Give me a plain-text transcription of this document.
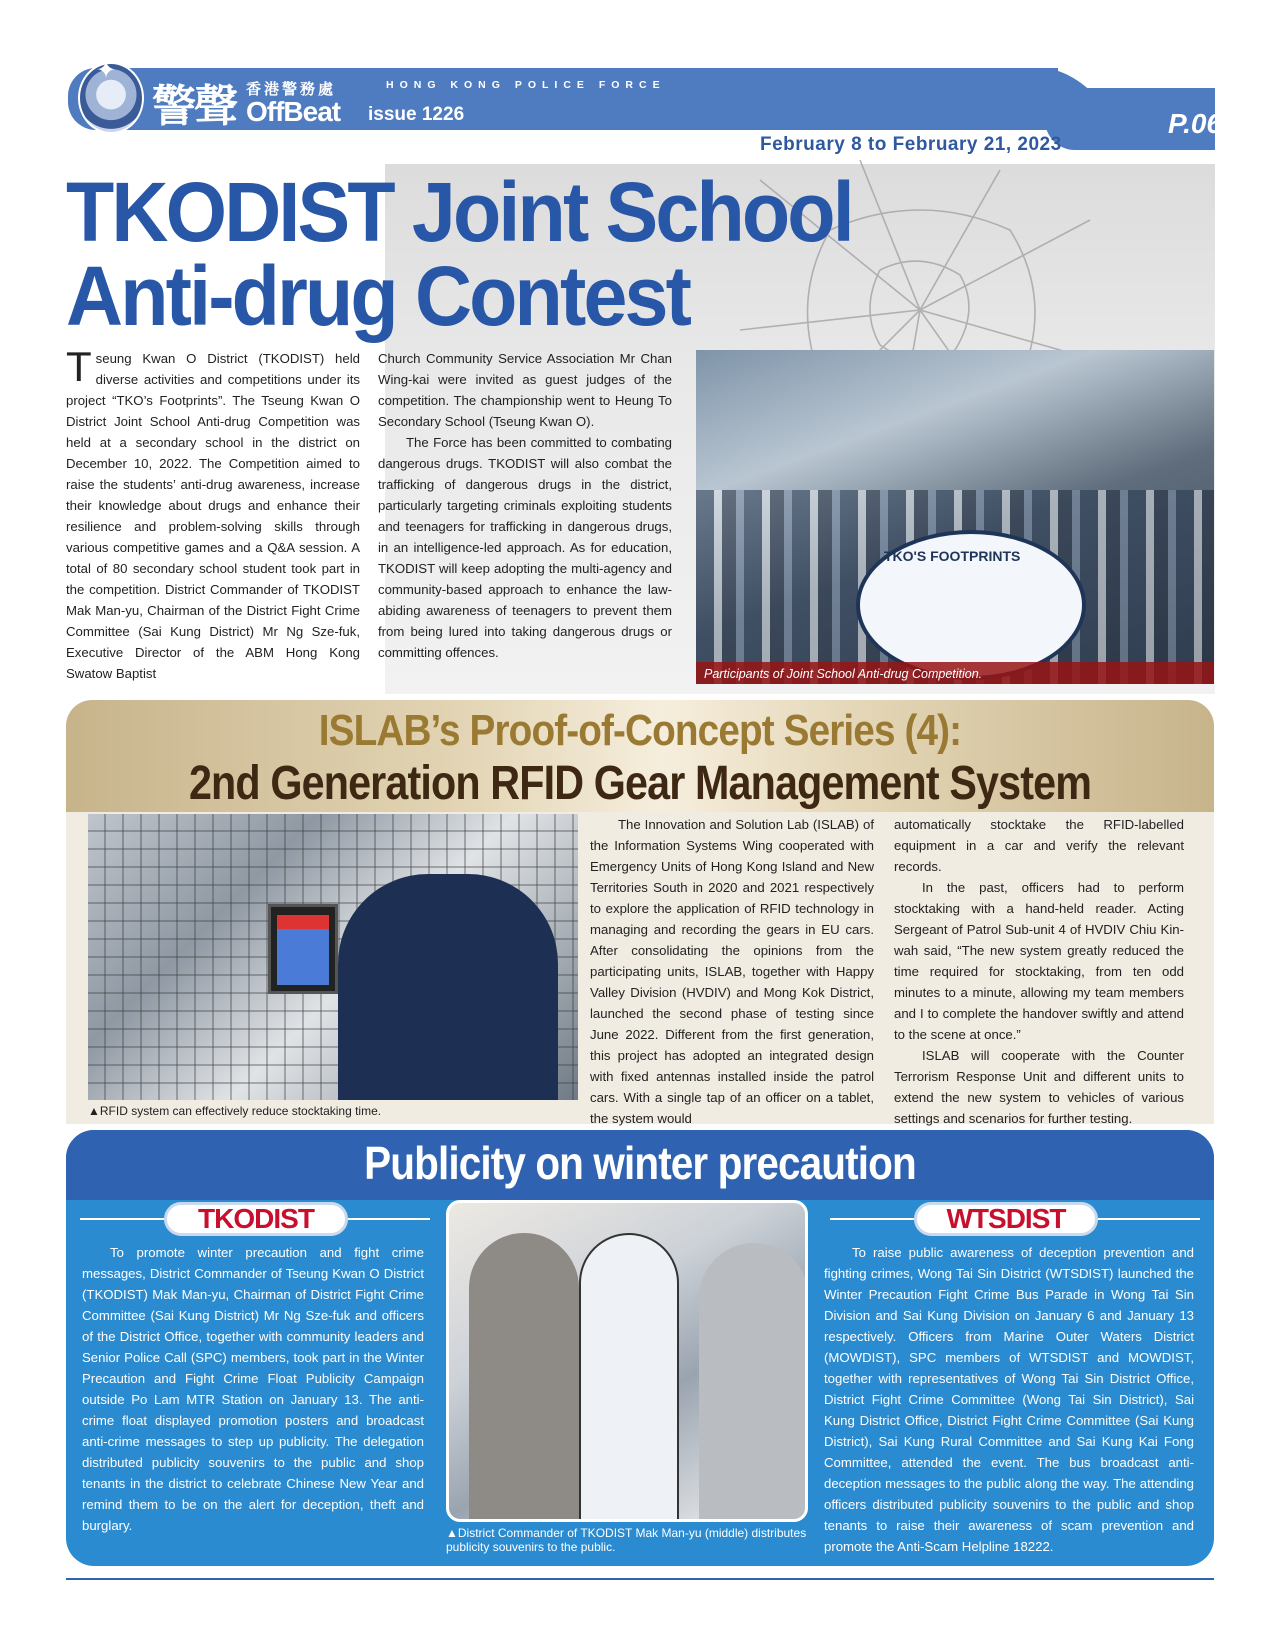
✦
警聲 香港警務處
OffBeat issue 1226
HONG KONG POLICE FORCE
P.06
February 8 to February 21, 2023
TKODIST Joint School
Anti-drug Contest
Tseung Kwan O District (TKODIST) held diverse activities and competitions under its project “TKO’s Footprints”. The Tseung Kwan O District Joint School Anti-drug Competition was held at a secondary school in the district on December 10, 2022. The Competition aimed to raise the students’ anti-drug awareness, increase their knowledge about drugs and enhance their resilience and problem-solving skills through various competitive games and a Q&A session. A total of 80 secondary school student took part in the competition. District Commander of TKODIST Mak Man-yu, Chairman of the District Fight Crime Committee (Sai Kung District) Mr Ng Sze-fuk, Executive Director of the ABM Hong Kong Swatow Baptist

Church Community Service Association Mr Chan Wing-kai were invited as guest judges of the competition. The championship went to Heung To Secondary School (Tseung Kwan O).

The Force has been committed to combating dangerous drugs. TKODIST will also combat the trafficking of dangerous drugs in the district, particularly targeting criminals exploiting students and teenagers for trafficking in dangerous drugs, in an intelligence-led approach. As for education, TKODIST will keep adopting the multi-agency and community-based approach to enhance the law-abiding awareness of teenagers to prevent them from being lured into taking dangerous drugs or committing offences.

TKO'S FOOTPRINTS
Participants of Joint School Anti-drug Competition.
ISLAB’s Proof-of-Concept Series (4):
2nd Generation RFID Gear Management System
▲RFID system can effectively reduce stocktaking time.

The Innovation and Solution Lab (ISLAB) of the Information Systems Wing cooperated with Emergency Units of Hong Kong Island and New Territories South in 2020 and 2021 respectively to explore the application of RFID technology in managing and recording the gears in EU cars. After consolidating the opinions from the participating units, ISLAB, together with Happy Valley Division (HVDIV) and Mong Kok District, launched the second phase of testing since June 2022. Different from the first generation, this project has adopted an integrated design with fixed antennas installed inside the patrol cars. With a single tap of an officer on a tablet, the system would

automatically stocktake the RFID-labelled equipment in a car and verify the relevant records.

In the past, officers had to perform stocktaking with a hand-held reader. Acting Sergeant of Patrol Sub-unit 4 of HVDIV Chiu Kin-wah said, “The new system greatly reduced the time required for stocktaking, from ten odd minutes to a minute, allowing my team members and I to complete the handover swiftly and attend to the scene at once.”

ISLAB will cooperate with the Counter Terrorism Response Unit and different units to extend the new system to vehicles of various settings and scenarios for further testing.

Publicity on winter precaution
TKODIST	WTSDIST
To promote winter precaution and fight crime messages, District Commander of Tseung Kwan O District (TKODIST) Mak Man-yu, Chairman of District Fight Crime Committee (Sai Kung District) Mr Ng Sze-fuk and officers of the District Office, together with community leaders and Senior Police Call (SPC) members, took part in the Winter Precaution and Fight Crime Float Publicity Campaign outside Po Lam MTR Station on January 13. The anti-crime float displayed promotion posters and broadcast anti-crime messages to step up publicity. The delegation distributed publicity souvenirs to the public and shop tenants in the district to celebrate Chinese New Year and remind them to be on the alert for deception, theft and burglary.	▲District Commander of TKODIST Mak Man-yu (middle) distributes publicity souvenirs to the public.
To raise public awareness of deception prevention and fighting crimes, Wong Tai Sin District (WTSDIST) launched the Winter Precaution Fight Crime Bus Parade in Wong Tai Sin Division and Sai Kung Division on January 6 and January 13 respectively. Officers from Marine Outer Waters District (MOWDIST), SPC members of WTSDIST and MOWDIST, together with representatives of Wong Tai Sin District Office, District Fight Crime Committee (Wong Tai Sin District), Sai Kung District Office, District Fight Crime Committee (Sai Kung District), Sai Kung Rural Committee and Sai Kung Kai Fong Committee, attended the event. The bus broadcast anti-deception messages to the public along the way. The attending officers distributed publicity souvenirs to the public and shop tenants to raise their awareness of scam prevention and promote the Anti-Scam Helpline 18222.
